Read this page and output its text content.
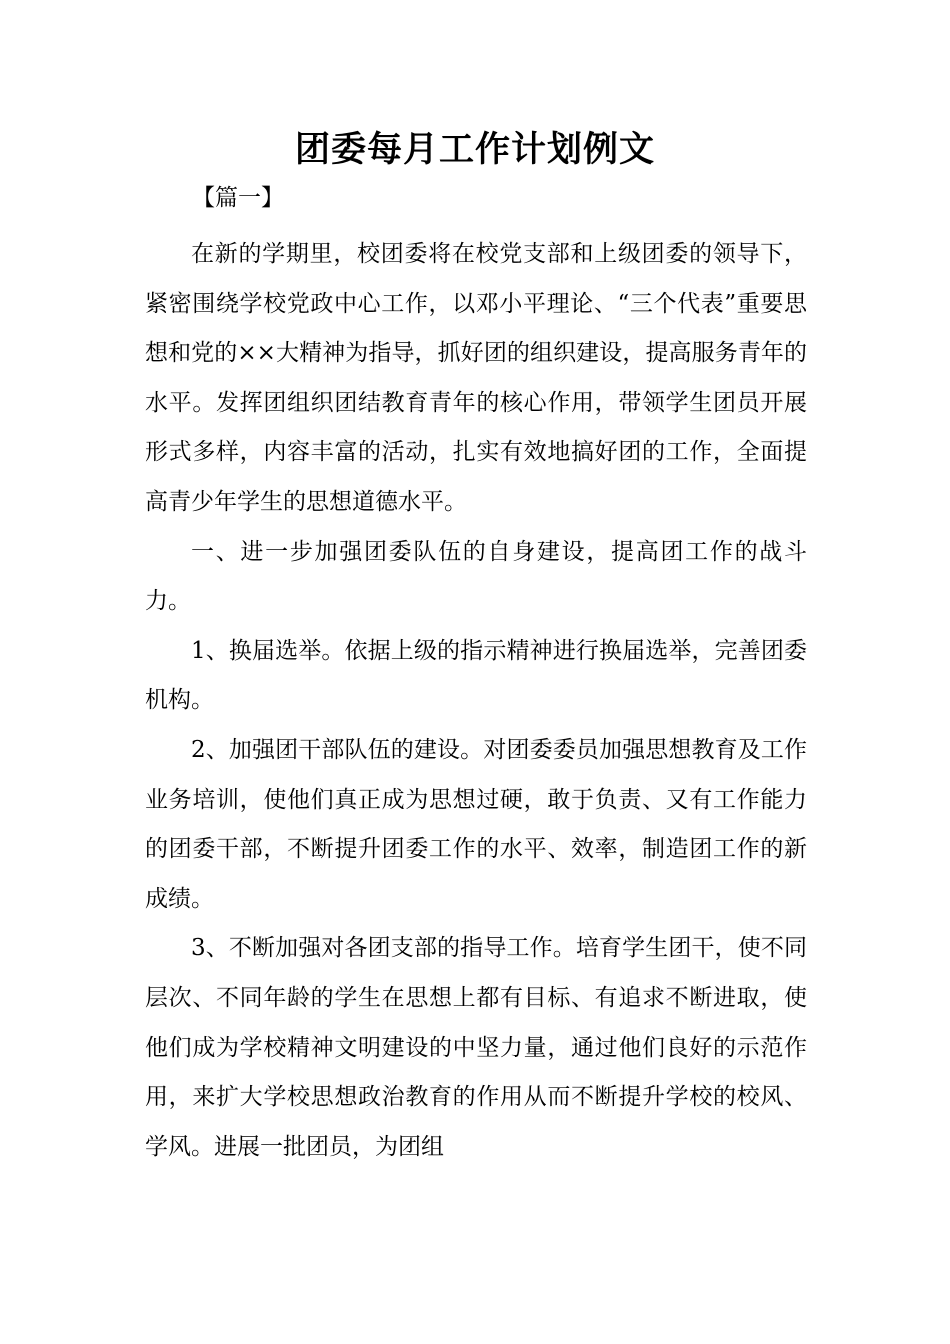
团委每月工作计划例文

【篇一】

在新的学期里，校团委将在校党支部和上级团委的领导下，紧密围绕学校党政中心工作，以邓小平理论、“三个代表”重要思想和党的××大精神为指导，抓好团的组织建设，提高服务青年的水平。发挥团组织团结教育青年的核心作用，带领学生团员开展形式多样，内容丰富的活动，扎实有效地搞好团的工作，全面提高青少年学生的思想道德水平。

一、进一步加强团委队伍的自身建设，提高团工作的战斗力。

1、换届选举。依据上级的指示精神进行换届选举，完善团委机构。

2、加强团干部队伍的建设。对团委委员加强思想教育及工作业务培训，使他们真正成为思想过硬，敢于负责、又有工作能力的团委干部，不断提升团委工作的水平、效率，制造团工作的新成绩。

3、不断加强对各团支部的指导工作。培育学生团干，使不同层次、不同年龄的学生在思想上都有目标、有追求不断进取，使他们成为学校精神文明建设的中坚力量，通过他们良好的示范作用，来扩大学校思想政治教育的作用从而不断提升学校的校风、学风。进展一批团员，为团组
